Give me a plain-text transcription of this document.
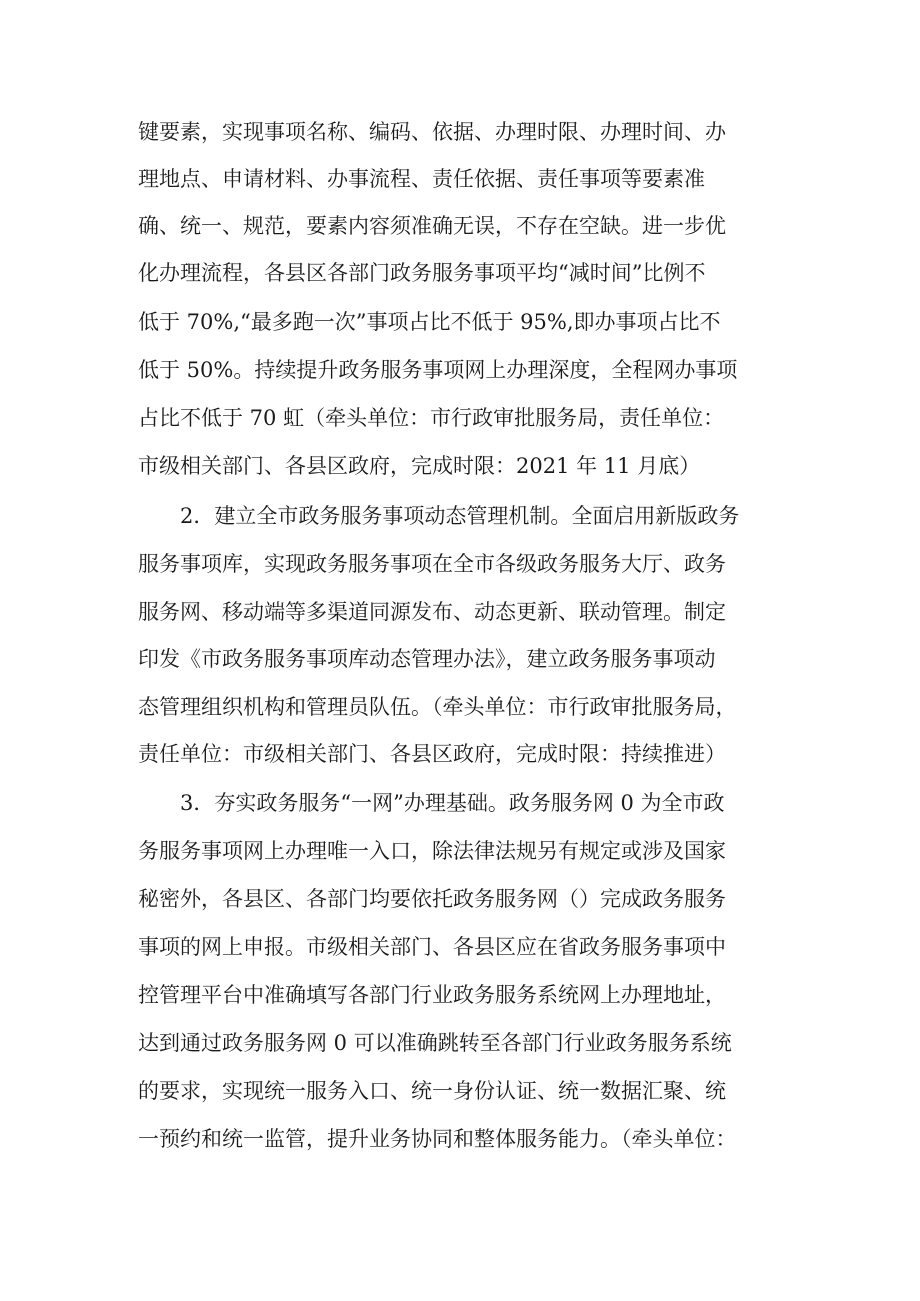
键要素，实现事项名称、编码、依据、办理时限、办理时间、办
理地点、申请材料、办事流程、责任依据、责任事项等要素准
确、统一、规范，要素内容须准确无误，不存在空缺。进一步优
化办理流程，各县区各部门政务服务事项平均“减时间”比例不
低于 70%,“最多跑一次”事项占比不低于 95%,即办事项占比不
低于 50%。持续提升政务服务事项网上办理深度，全程网办事项
占比不低于 70 虹（牵头单位：市行政审批服务局，责任单位：
市级相关部门、各县区政府，完成时限：2021 年 11 月底）
2．建立全市政务服务事项动态管理机制。全面启用新版政务
服务事项库，实现政务服务事项在全市各级政务服务大厅、政务
服务网、移动端等多渠道同源发布、动态更新、联动管理。制定
印发《市政务服务事项库动态管理办法》，建立政务服务事项动
态管理组织机构和管理员队伍。（牵头单位：市行政审批服务局，
责任单位：市级相关部门、各县区政府，完成时限：持续推进）
3．夯实政务服务“一网”办理基础。政务服务网 0 为全市政
务服务事项网上办理唯一入口，除法律法规另有规定或涉及国家
秘密外，各县区、各部门均要依托政务服务网（）完成政务服务
事项的网上申报。市级相关部门、各县区应在省政务服务事项中
控管理平台中准确填写各部门行业政务服务系统网上办理地址，
达到通过政务服务网 0 可以准确跳转至各部门行业政务服务系统
的要求，实现统一服务入口、统一身份认证、统一数据汇聚、统
一预约和统一监管，提升业务协同和整体服务能力。（牵头单位：
